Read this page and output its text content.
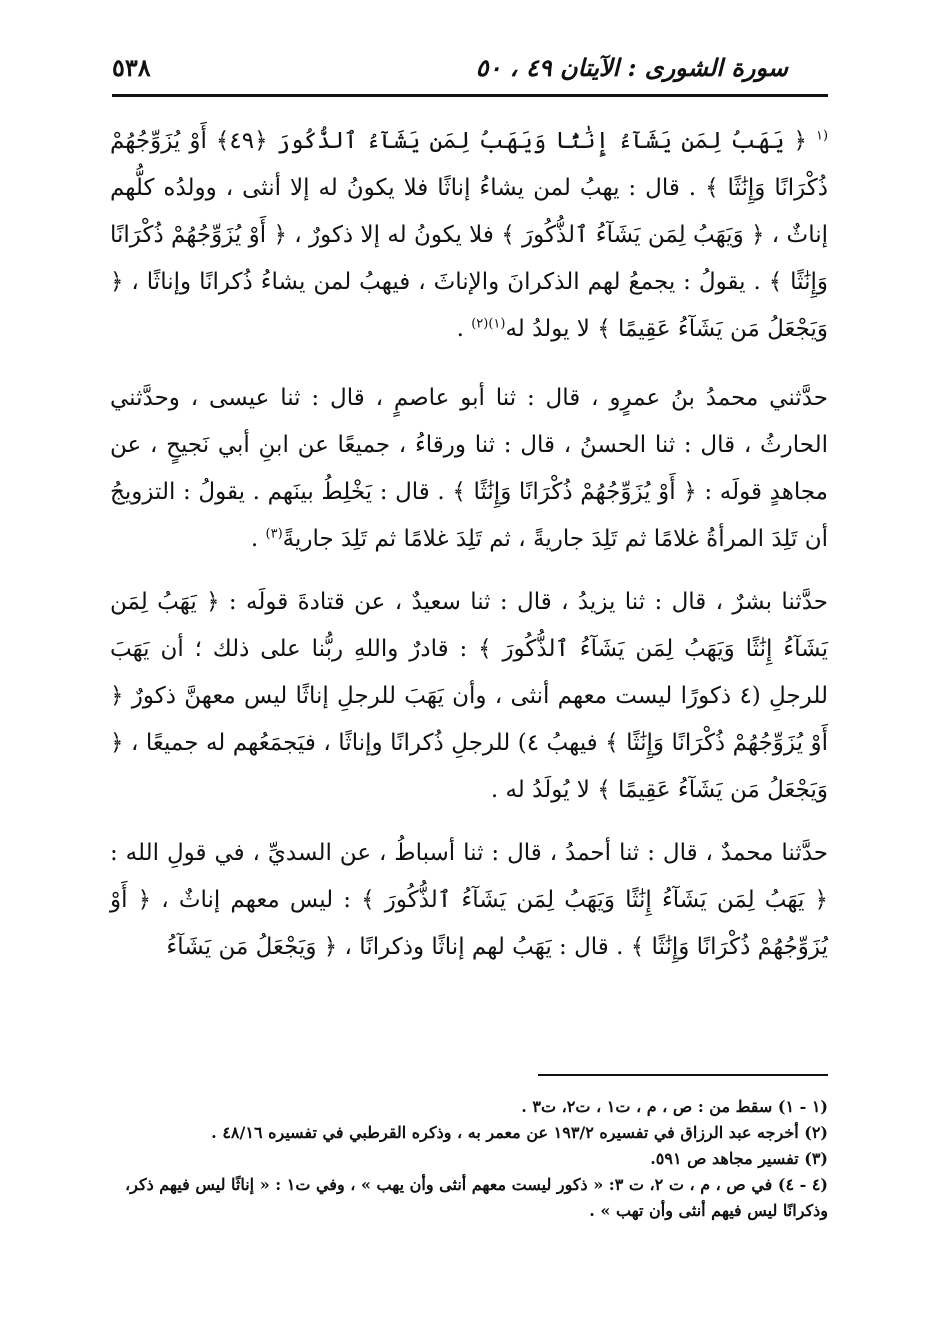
٥٣٨	سورة الشورى : الآيتان ٤٩ ، ٥٠

$^{(١}$ ﴿ يَهَبُ لِمَن يَشَآءُ إِنَٰثًا وَيَهَبُ لِمَن يَشَآءُ ٱلذُّكُورَ ﴿٤٩﴾ أَوْ يُزَوِّجُهُمْ ذُكْرَانًا وَإِنَٰثًا ﴾ . قال : يهبُ لمن يشاءُ إناثًا فلا يكونُ له إلا أنثى ، وولدُه كلُّهم إناثٌ ، ﴿ وَيَهَبُ لِمَن يَشَآءُ ٱلذُّكُورَ ﴾ فلا يكونُ له إلا ذكورٌ ، ﴿ أَوْ يُزَوِّجُهُمْ ذُكْرَانًا وَإِنَٰثًا ﴾ . يقولُ : يجمعُ لهم الذكرانَ والإناثَ ، فيهبُ لمن يشاءُ ذُكرانًا وإناثًا ، ﴿ وَيَجْعَلُ مَن يَشَآءُ عَقِيمًا ﴾ لا يولدُ له$^{(١)(٢)}$ .

حدَّثني محمدُ بنُ عمرٍو ، قال : ثنا أبو عاصمٍ ، قال : ثنا عيسى ، وحدَّثني الحارثُ ، قال : ثنا الحسنُ ، قال : ثنا ورقاءُ ، جميعًا عن ابنِ أبي نَجيحٍ ، عن مجاهدٍ قولَه : ﴿ أَوْ يُزَوِّجُهُمْ ذُكْرَانًا وَإِنَٰثًا ﴾ . قال : يَخْلِطُ بينَهم . يقولُ : التزويجُ أن تَلِدَ المرأةُ غلامًا ثم تَلِدَ جاريةً ، ثم تَلِدَ غلامًا ثم تَلِدَ جاريةً$^{(٣)}$ .

حدَّثنا بشرٌ ، قال : ثنا يزيدُ ، قال : ثنا سعيدٌ ، عن قتادةَ قولَه : ﴿ يَهَبُ لِمَن يَشَآءُ إِنَٰثًا وَيَهَبُ لِمَن يَشَآءُ ٱلذُّكُورَ ﴾ : قادرٌ واللهِ ربُّنا على ذلك ؛ أن يَهَبَ للرجلِ (٤ ذكورًا ليست معهم أنثى ، وأن يَهَبَ للرجلِ إناثًا ليس معهنَّ ذكورٌ ﴿ أَوْ يُزَوِّجُهُمْ ذُكْرَانًا وَإِنَٰثًا ﴾ فيهبُ ٤) للرجلِ ذُكرانًا وإناثًا ، فيَجمَعُهم له جميعًا ، ﴿ وَيَجْعَلُ مَن يَشَآءُ عَقِيمًا ﴾ لا يُولَدُ له .

حدَّثنا محمدٌ ، قال : ثنا أحمدُ ، قال : ثنا أسباطُ ، عن السديِّ ، في قولِ الله : ﴿ يَهَبُ لِمَن يَشَآءُ إِنَٰثًا وَيَهَبُ لِمَن يَشَآءُ ٱلذُّكُورَ ﴾ : ليس معهم إناثٌ ، ﴿ أَوْ يُزَوِّجُهُمْ ذُكْرَانًا وَإِنَٰثًا ﴾ . قال : يَهَبُ لهم إناثًا وذكرانًا ، ﴿ وَيَجْعَلُ مَن يَشَآءُ

(١ - ١) سقط من : ص ، م ، ت١ ، ت٢، ت٣ .

(٢) أخرجه عبد الرزاق في تفسيره ١٩٣/٢ عن معمر به ، وذكره القرطبي في تفسيره ٤٨/١٦ .

(٣) تفسير مجاهد ص ٥٩١.

(٤ - ٤) في ص ، م ، ت ٢، ت ٣: « ذكور ليست معهم أنثى وأن يهب » ، وفي ت١ : « إناثًا ليس فيهم ذكر، وذكرانًا ليس فيهم أنثى وأن تهب » .
